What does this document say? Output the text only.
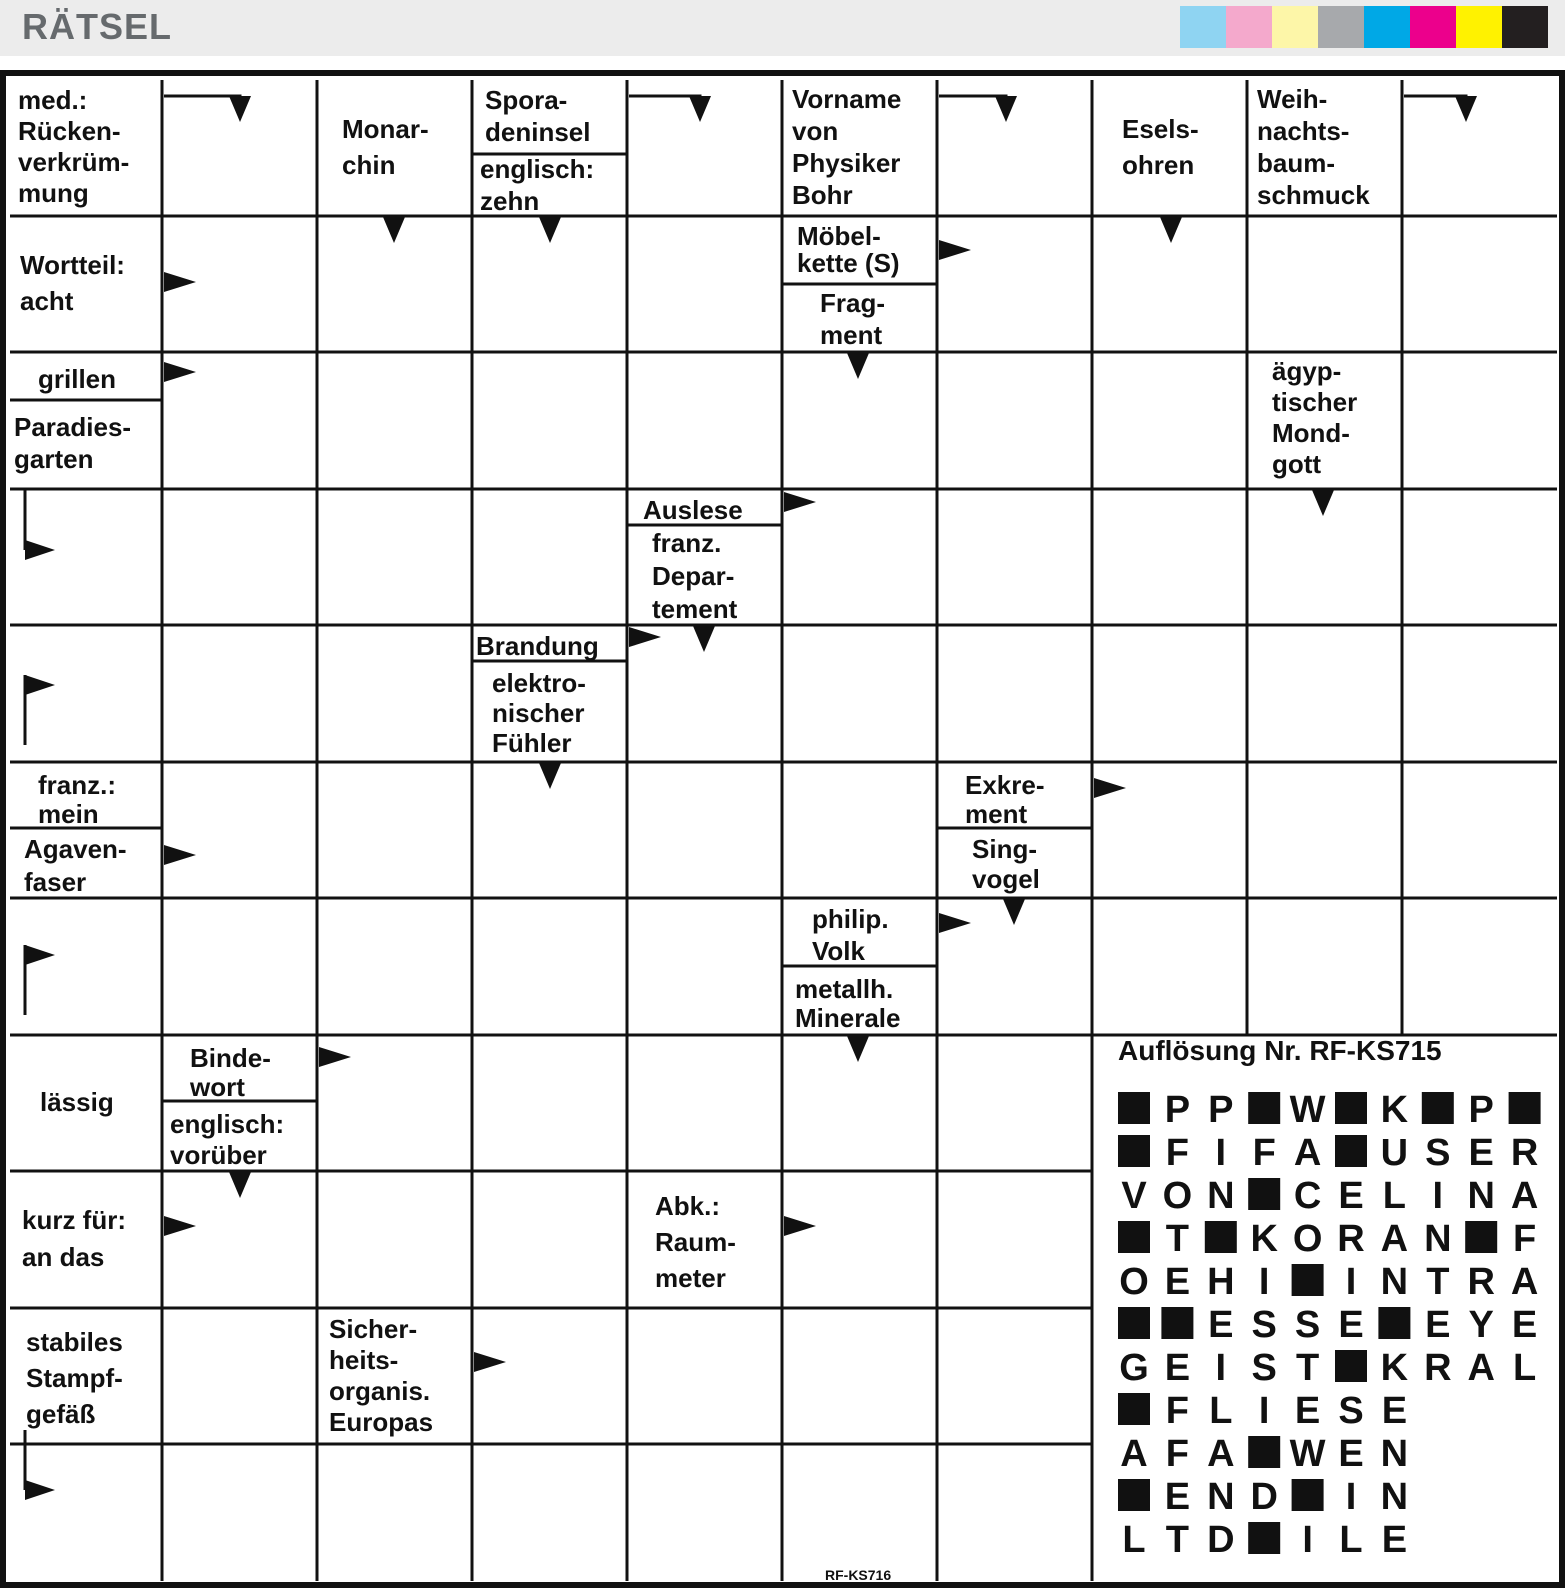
RÄTSEL
med.:
Rücken-
verkrüm-
mung
Monar-
chin
Spora-
deninsel
englisch:
zehn
Vorname
von
Physiker
Bohr
Esels-
ohren
Weih-
nachts-
baum-
schmuck
Wortteil:
acht
Möbel-
kette (S)
Frag-
ment
grillen
Paradies-
garten
ägyp-
tischer
Mond-
gott
Auslese
franz.
Depar-
tement
Brandung
elektro-
nischer
Fühler
franz.:
mein
Agaven-
faser
Exkre-
ment
Sing-
vogel
philip.
Volk
metallh.
Minerale
lässig
Binde-
wort
englisch:
vorüber
kurz für:
an das
Abk.:
Raum-
meter
stabiles
Stampf-
gefäß
Sicher-
heits-
organis.
Europas
Auflösung Nr. RF-KS715
P P W K P
F I F A U S E R
V O N C E L I N A
T K O R A N F
O E H I I N T R A
E S S E E Y E
G E I S T K R A L
F L I E S E
A F A W E N
E N D I N
L T D I L E
RF-KS716
